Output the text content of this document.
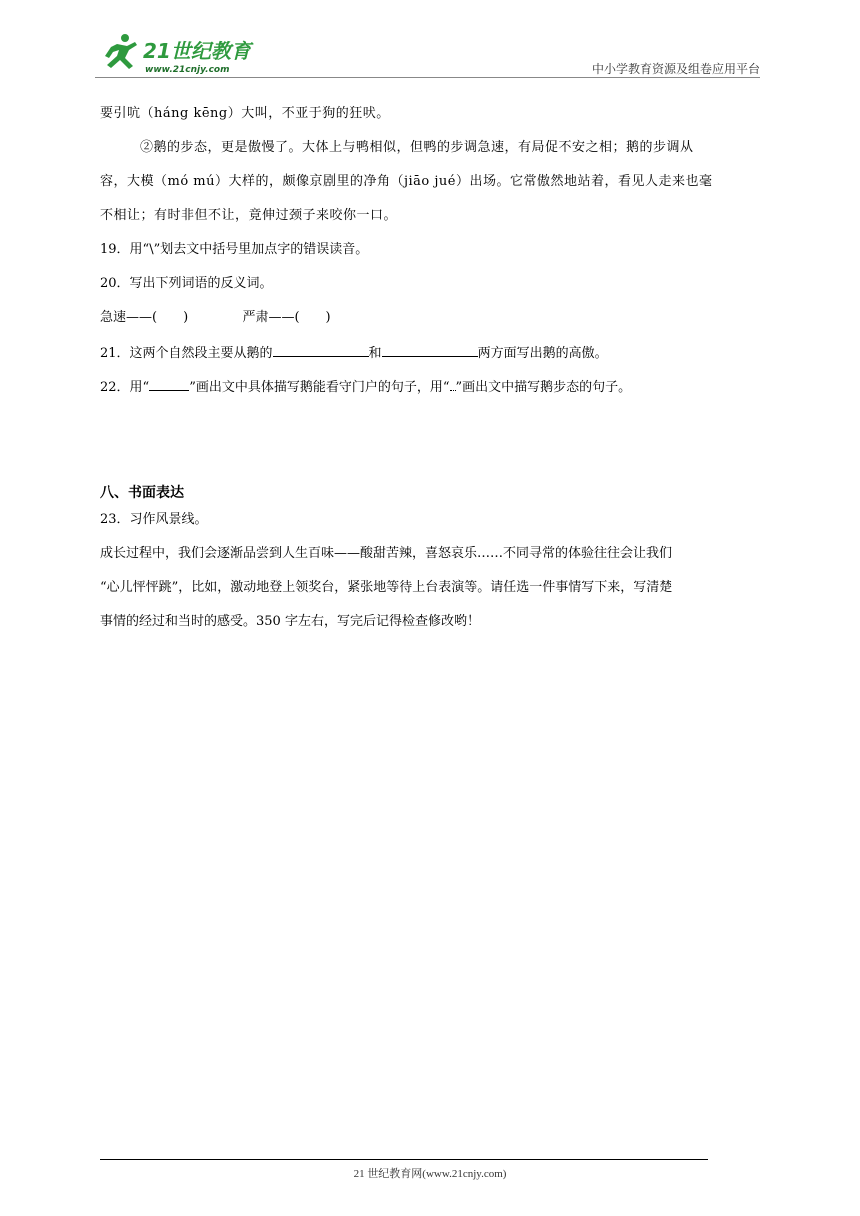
21世纪教育
www.21cnjy.com	中小学教育资源及组卷应用平台
要引吭（háng kēng）大叫，不亚于狗的狂吠。
②鹅的步态，更是傲慢了。大体上与鸭相似，但鸭的步调急速，有局促不安之相；鹅的步调从
容，大模（mó mú）大样的，颇像京剧里的净角（jiāo jué）出场。它常傲然地站着，看见人走来也毫
不相让；有时非但不让，竟伸过颈子来咬你一口。
19．用“\”划去文中括号里加点字的错误读音。
20．写出下列词语的反义词。
急速——(　　)	严肃——(　　)
21．这两个自然段主要从鹅的	和	两方面写出鹅的高傲。
22．用“	”画出文中具体描写鹅能看守门户的句子，用“ ”画出文中描写鹅步态的句子。
八、书面表达
23．习作风景线。
成长过程中，我们会逐渐品尝到人生百味——酸甜苦辣，喜怒哀乐……不同寻常的体验往往会让我们
“心儿怦怦跳”，比如，激动地登上领奖台，紧张地等待上台表演等。请任选一件事情写下来，写清楚
事情的经过和当时的感受。350 字左右，写完后记得检查修改哟！
21 世纪教育网(www.21cnjy.com)
